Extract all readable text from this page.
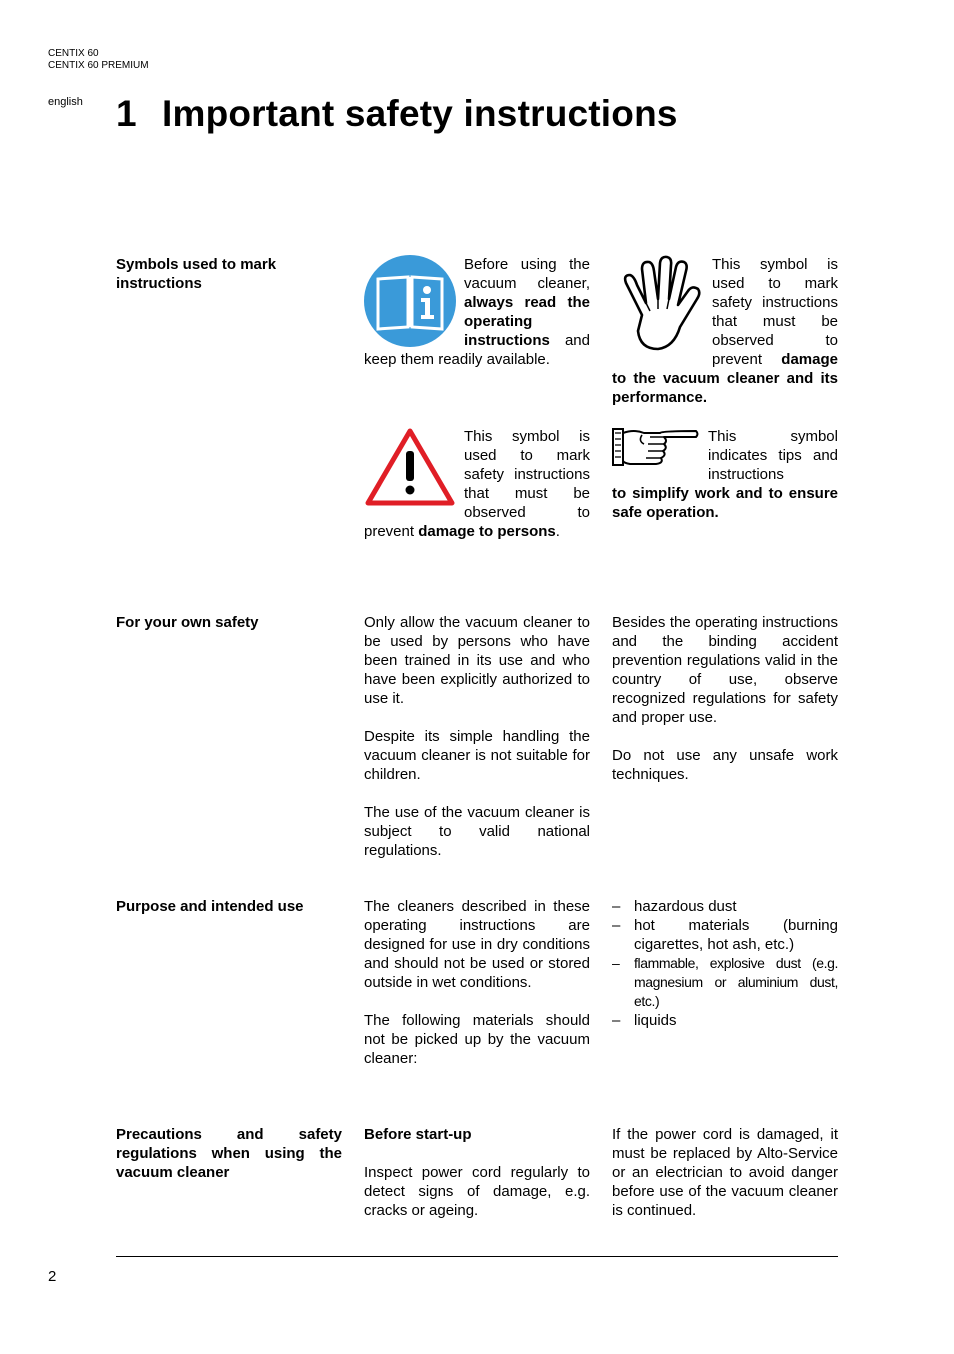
CENTIX 60
CENTIX 60 PREMIUM
english 1 Important safety instructions
Symbols used to mark instructions
Before using the vacuum cleaner, always read the operating instructions and keep them readily available.
This symbol is used to mark safety instructions that must be observed to prevent damage to the vacuum cleaner and its performance.
This symbol is used to mark safety instructions that must be observed to prevent damage to persons.
This symbol indicates tips and instructions
to simplify work and to ensure safe operation.
For your own safety	Only allow the vacuum cleaner to be used by persons who have been trained in its use and who have been explicitly authorized to use it.

Despite its simple handling the vacuum cleaner is not suitable for children.

The use of the vacuum cleaner is subject to valid national regulations.

Besides the operating instructions and the binding accident prevention regulations valid in the country of use, observe recognized regulations for safety and proper use.

Do not use any unsafe work techniques.

Purpose and intended use	The cleaners described in these operating instructions are designed for use in dry conditions and should not be used or stored outside in wet conditions.

The following materials should not be picked up by the vacuum cleaner:

– hazardous dust
– hot materials (burning cigarettes, hot ash, etc.)
– flammable, explosive dust (e.g. magnesium or aluminium dust, etc.)
– liquids
Precautions and safety regulations when using the vacuum cleaner

Before start-up

Inspect power cord regularly to detect signs of damage, e.g. cracks or ageing.

If the power cord is damaged, it must be replaced by Alto-Service or an electrician to avoid danger before use of the vacuum cleaner is continued.

2
